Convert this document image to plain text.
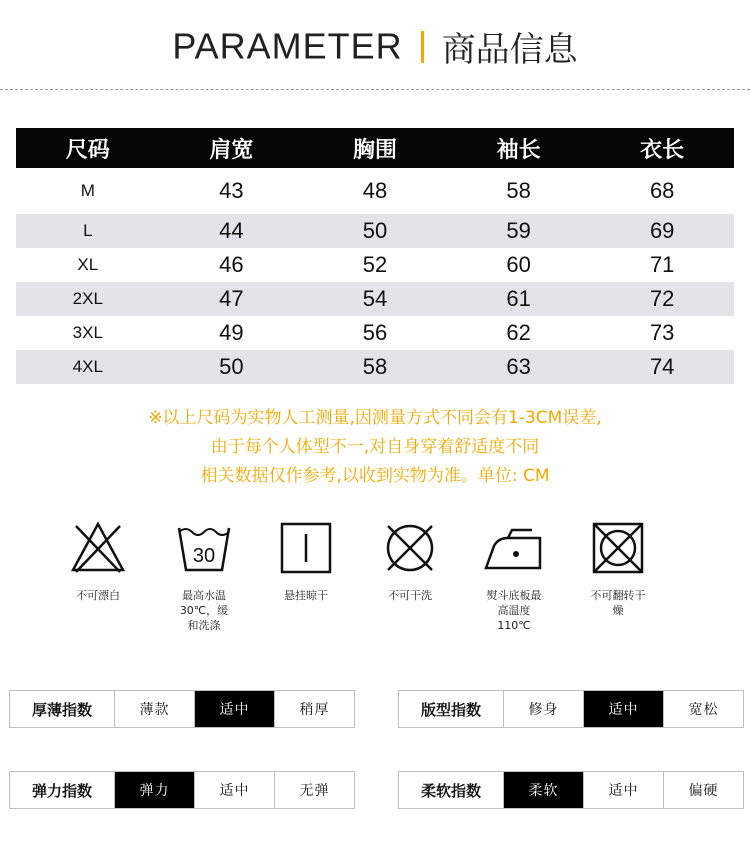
PARAMETER 商品信息
尺码	肩宽	胸围	袖长	衣长
M	43	48	58	68
L	44	50	59	69
XL	46	52	60	71
2XL	47	54	61	72
3XL	49	56	62	73
4XL	50	58	63	74
※以上尺码为实物人工测量,因测量方式不同会有1-3CM误差,
由于每个人体型不一,对自身穿着舒适度不同
相关数据仅作参考,以收到实物为准。单位: CM
不可漂白
30
最高水温
30℃，缓
和洗涤
悬挂晾干	不可干洗	熨斗底板最
高温度
110℃
不可翻转干
燥
厚薄指数	薄款	适中	稍厚	版型指数	修身	适中	宽松
弹力指数	弹力	适中	无弹	柔软指数	柔软	适中	偏硬
